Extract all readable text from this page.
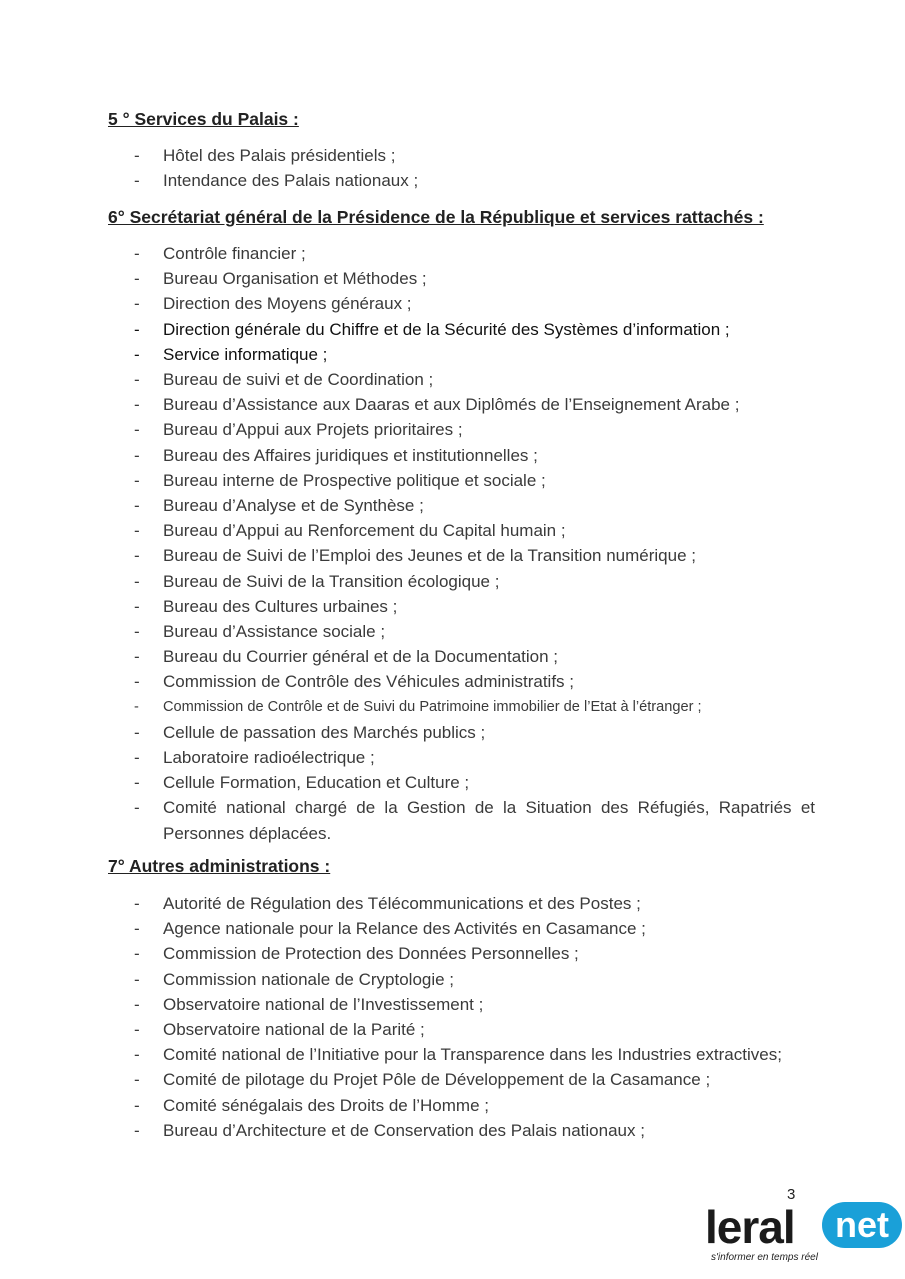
5 ° Services du Palais :
- Hôtel des Palais présidentiels ;
- Intendance des Palais nationaux ;
6° Secrétariat général de la Présidence de la République et services rattachés :
- Contrôle financier ;
- Bureau Organisation et Méthodes ;
- Direction des Moyens généraux ;
- Direction générale du Chiffre et de la Sécurité des Systèmes d’information ;
- Service informatique ;
- Bureau de suivi et de Coordination ;
- Bureau d’Assistance aux Daaras et aux Diplômés de l’Enseignement Arabe ;
- Bureau d’Appui aux Projets prioritaires ;
- Bureau des Affaires juridiques et institutionnelles ;
- Bureau interne de Prospective politique et sociale ;
- Bureau d’Analyse et de Synthèse ;
- Bureau d’Appui au Renforcement du Capital humain ;
- Bureau de Suivi de l’Emploi des Jeunes et de la Transition numérique ;
- Bureau de Suivi de la Transition écologique ;
- Bureau des Cultures urbaines ;
- Bureau d’Assistance sociale ;
- Bureau du Courrier général et de la Documentation ;
- Commission de Contrôle des Véhicules administratifs ;
- Commission de Contrôle et de Suivi du Patrimoine immobilier de l’Etat à l’étranger ;
- Cellule de passation des Marchés publics ;
- Laboratoire radioélectrique ;
- Cellule Formation, Education et Culture ;
- Comité national chargé de la Gestion de la Situation des Réfugiés, Rapatriés et Personnes déplacées.
7° Autres administrations :
- Autorité de Régulation des Télécommunications et des Postes ;
- Agence nationale pour la Relance des Activités en Casamance ;
- Commission de Protection des Données Personnelles ;
- Commission nationale de Cryptologie ;
- Observatoire national de l’Investissement ;
- Observatoire national de la Parité ;
- Comité national de l’Initiative pour la Transparence dans les Industries extractives;
- Comité de pilotage du Projet Pôle de Développement de la Casamance ;
- Comité sénégalais des Droits de l’Homme ;
- Bureau d’Architecture et de Conservation des Palais nationaux ;
3
leral	net
s'informer en temps réel
